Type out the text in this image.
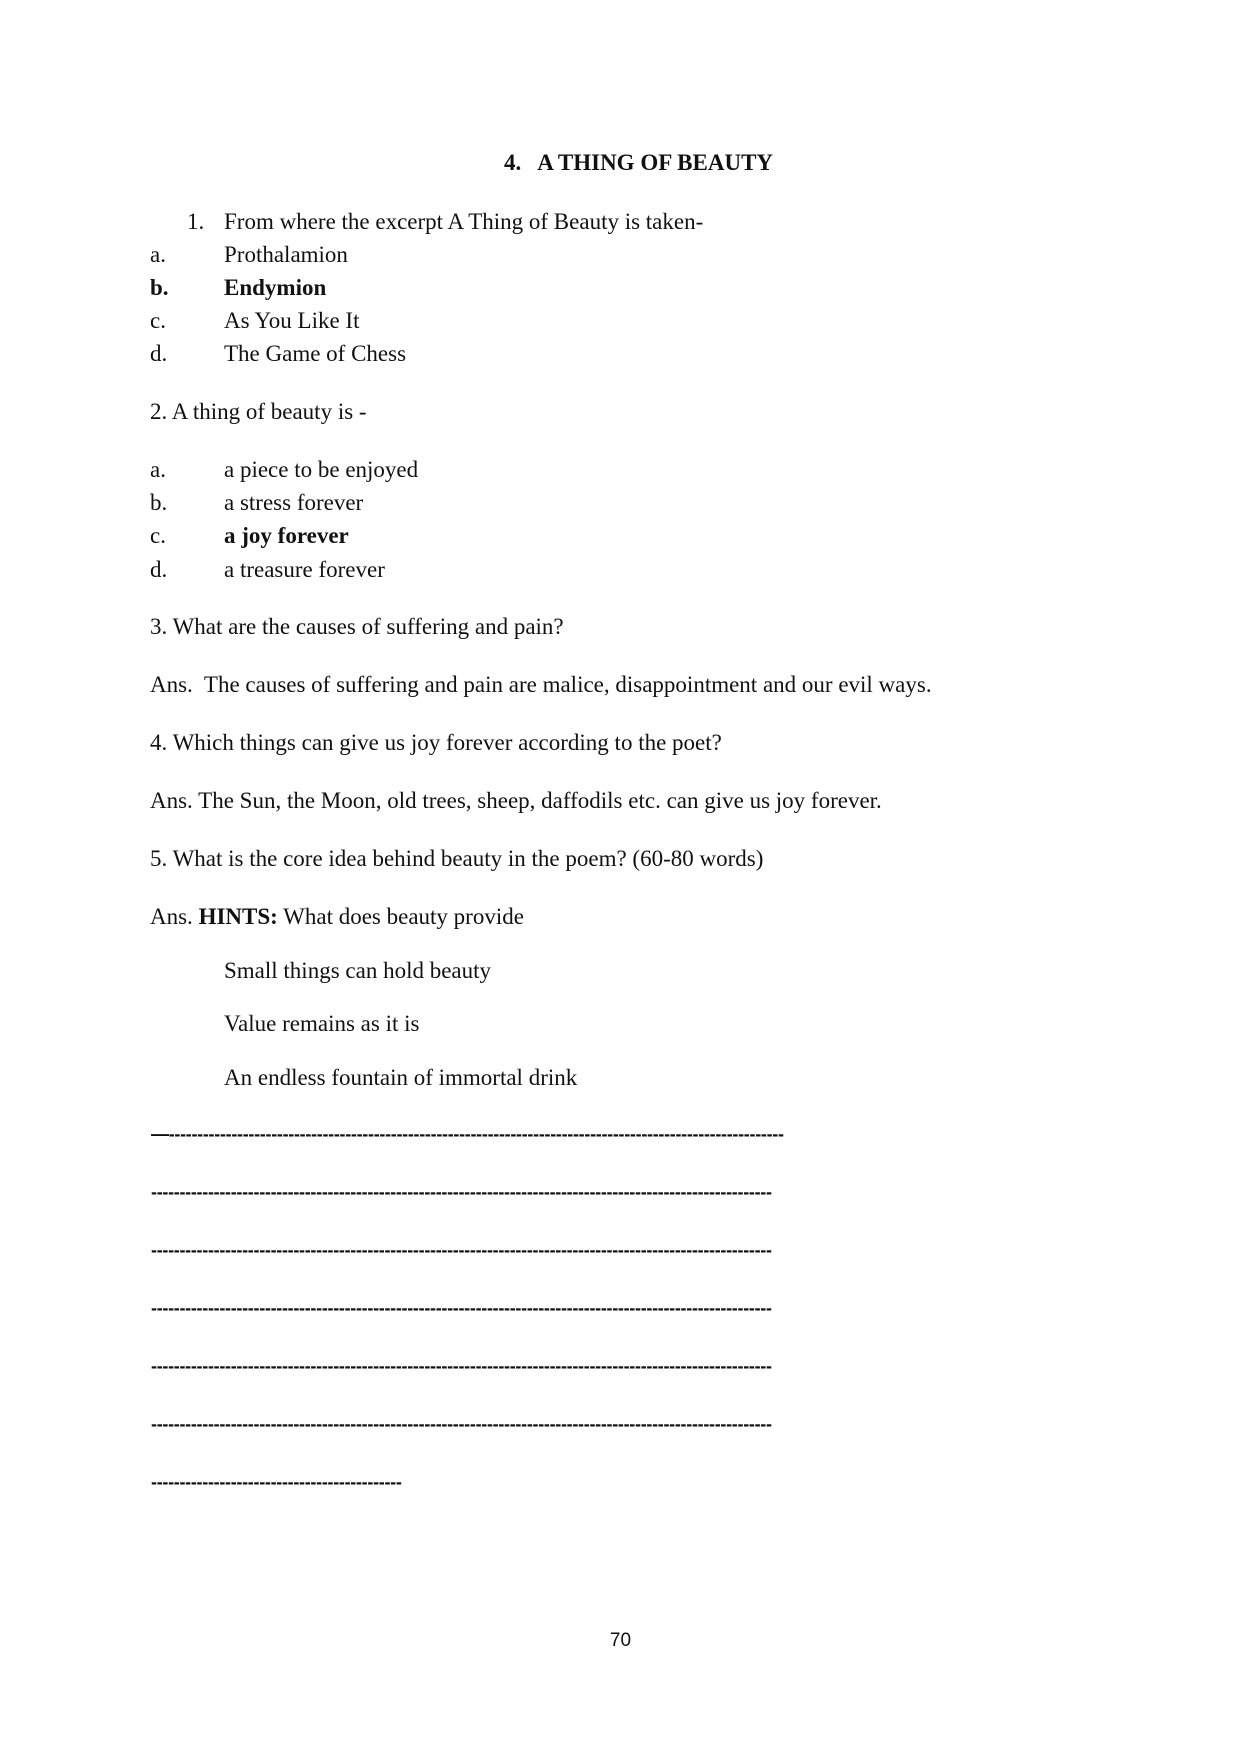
4. A THING OF BEAUTY
1. From where the excerpt A Thing of Beauty is taken-
a.	Prothalamion
b. Endymion
c.	As You Like It
d. The Game of Chess
2. A thing of beauty is -
a.	a piece to be enjoyed
b. a stress forever
c.	a joy forever
d. a treasure forever
3. What are the causes of suffering and pain?
Ans.  The causes of suffering and pain are malice, disappointment and our evil ways.
4. Which things can give us joy forever according to the poet?
Ans. The Sun, the Moon, old trees, sheep, daffodils etc. can give us joy forever.
5. What is the core idea behind beauty in the poem? (60-80 words)
Ans. HINTS: What does beauty provide
Small things can hold beauty
Value remains as it is
An endless fountain of immortal drink
—------------------------------------------------------------------------------------------------------------
-------------------------------------------------------------------------------------------------------------
-------------------------------------------------------------------------------------------------------------
-------------------------------------------------------------------------------------------------------------
-------------------------------------------------------------------------------------------------------------
-------------------------------------------------------------------------------------------------------------
--------------------------------------------
70
